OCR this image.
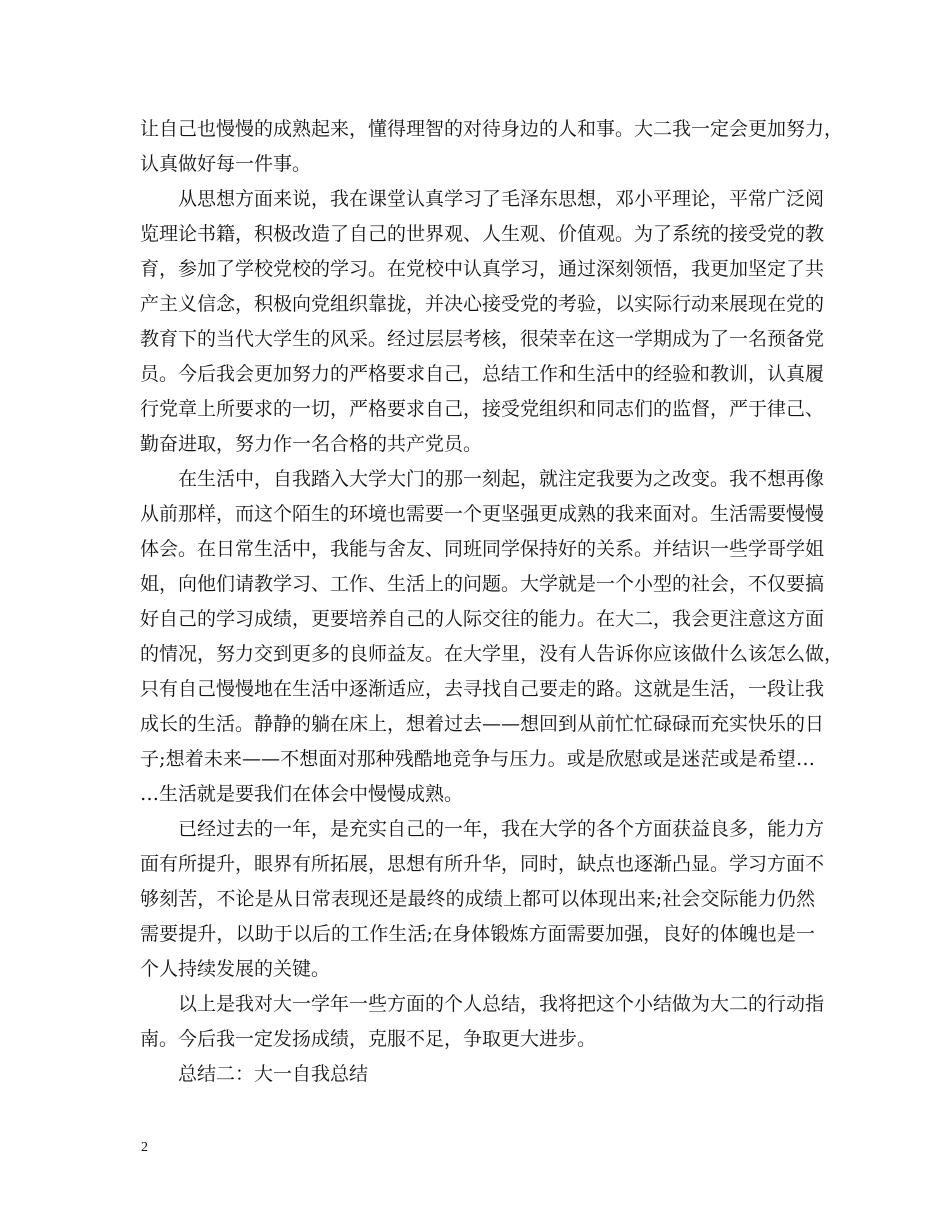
让自己也慢慢的成熟起来，懂得理智的对待身边的人和事。大二我一定会更加努力，
认真做好每一件事。
从思想方面来说，我在课堂认真学习了毛泽东思想，邓小平理论，平常广泛阅
览理论书籍，积极改造了自己的世界观、人生观、价值观。为了系统的接受党的教
育，参加了学校党校的学习。在党校中认真学习，通过深刻领悟，我更加坚定了共
产主义信念，积极向党组织靠拢，并决心接受党的考验，以实际行动来展现在党的
教育下的当代大学生的风采。经过层层考核，很荣幸在这一学期成为了一名预备党
员。今后我会更加努力的严格要求自己，总结工作和生活中的经验和教训，认真履
行党章上所要求的一切，严格要求自己，接受党组织和同志们的监督，严于律己、
勤奋进取，努力作一名合格的共产党员。
在生活中，自我踏入大学大门的那一刻起，就注定我要为之改变。我不想再像
从前那样，而这个陌生的环境也需要一个更坚强更成熟的我来面对。生活需要慢慢
体会。在日常生活中，我能与舍友、同班同学保持好的关系。并结识一些学哥学姐
姐，向他们请教学习、工作、生活上的问题。大学就是一个小型的社会，不仅要搞
好自己的学习成绩，更要培养自己的人际交往的能力。在大二，我会更注意这方面
的情况，努力交到更多的良师益友。在大学里，没有人告诉你应该做什么该怎么做，
只有自己慢慢地在生活中逐渐适应，去寻找自己要走的路。这就是生活，一段让我
成长的生活。静静的躺在床上，想着过去——想回到从前忙忙碌碌而充实快乐的日
子;想着未来——不想面对那种残酷地竞争与压力。或是欣慰或是迷茫或是希望…
…生活就是要我们在体会中慢慢成熟。
已经过去的一年，是充实自己的一年，我在大学的各个方面获益良多，能力方
面有所提升，眼界有所拓展，思想有所升华，同时，缺点也逐渐凸显。学习方面不
够刻苦，不论是从日常表现还是最终的成绩上都可以体现出来;社会交际能力仍然
需要提升，以助于以后的工作生活;在身体锻炼方面需要加强，良好的体魄也是一
个人持续发展的关键。
以上是我对大一学年一些方面的个人总结，我将把这个小结做为大二的行动指
南。今后我一定发扬成绩，克服不足，争取更大进步。
总结二：大一自我总结
2
